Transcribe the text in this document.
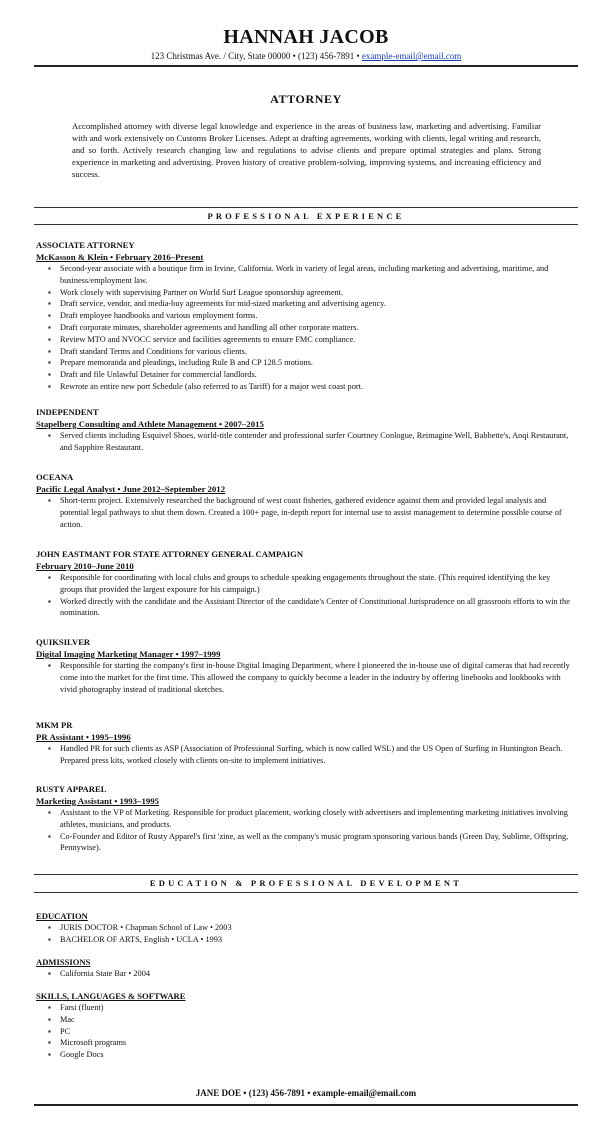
HANNAH JACOB
123 Christmas Ave. / City, State 00000 • (123) 456-7891 • example-email@email.com
ATTORNEY
Accomplished attorney with diverse legal knowledge and experience in the areas of business law, marketing and advertising. Familiar with and work extensively on Customs Broker Licenses. Adept at drafting agreements, working with clients, legal writing and research, and so forth. Actively research changing law and regulations to advise clients and prepare optimal strategies and plans. Strong experience in marketing and advertising. Proven history of creative problem-solving, improving systems, and increasing efficiency and success.
PROFESSIONAL EXPERIENCE
ASSOCIATE ATTORNEY
McKasson & Klein • February 2016–Present
▪ Second-year associate with a boutique firm in Irvine, California. Work in variety of legal areas, including marketing and advertising, maritime, and business/employment law.
▪ Work closely with supervising Partner on World Surf League sponsorship agreement.
▪ Draft service, vendor, and media-buy agreements for mid-sized marketing and advertising agency.
▪ Draft employee handbooks and various employment forms.
▪ Draft corporate minutes, shareholder agreements and handling all other corporate matters.
▪ Review MTO and NVOCC service and facilities agreements to ensure FMC compliance.
▪ Draft standard Terms and Conditions for various clients.
▪ Prepare memoranda and pleadings, including Rule B and CP 128.5 motions.
▪ Draft and file Unlawful Detainer for commercial landlords.
▪ Rewrote an entire new port Schedule (also referred to as Tariff) for a major west coast port.
INDEPENDENT
Stapelberg Consulting and Athlete Management • 2007–2015
▪ Served clients including Esquivel Shoes, world-title contender and professional surfer Courtney Conlogue, Reimagine Well, Babbette's, Anqi Restaurant, and Sapphire Restaurant.
OCEANA
Pacific Legal Analyst • June 2012–September 2012
▪ Short-term project. Extensively researched the background of west coast fisheries, gathered evidence against them and provided legal analysis and potential legal pathways to shut them down. Created a 100+ page, in-depth report for internal use to assist management to determine possible course of action.
JOHN EASTMANT FOR STATE ATTORNEY GENERAL CAMPAIGN
February 2010–June 2010
▪ Responsible for coordinating with local clubs and groups to schedule speaking engagements throughout the state. (This required identifying the key groups that provided the largest exposure for his campaign.)
▪ Worked directly with the candidate and the Assistant Director of the candidate's Center of Constitutional Jurisprudence on all grassroots efforts to win the nomination.
QUIKSILVER
Digital Imaging Marketing Manager • 1997–1999
▪ Responsible for starting the company's first in-house Digital Imaging Department, where I pioneered the in-house use of digital cameras that had recently come into the market for the first time. This allowed the company to quickly become a leader in the industry by offering linebooks and lookbooks with vivid photography instead of traditional sketches.
MKM PR
PR Assistant • 1995–1996
▪ Handled PR for such clients as ASP (Association of Professional Surfing, which is now called WSL) and the US Open of Surfing in Huntington Beach. Prepared press kits, worked closely with clients on-site to implement initiatives.
RUSTY APPAREL
Marketing Assistant • 1993–1995
▪ Assistant to the VP of Marketing. Responsible for product placement, working closely with advertisers and implementing marketing initiatives involving athletes, musicians, and products.
▪ Co-Founder and Editor of Rusty Apparel's first 'zine, as well as the company's music program sponsoring various bands (Green Day, Sublime, Offspring, Pennywise).
EDUCATION & PROFESSIONAL DEVELOPMENT
EDUCATION
▪ JURIS DOCTOR • Chapman School of Law • 2003
▪ BACHELOR OF ARTS, English • UCLA • 1993
ADMISSIONS
▪ California State Bar • 2004
SKILLS, LANGUAGES & SOFTWARE
▪ Farsi (fluent)
▪ Mac
▪ PC
▪ Microsoft programs
▪ Google Docs
JANE DOE • (123) 456-7891 • example-email@email.com
